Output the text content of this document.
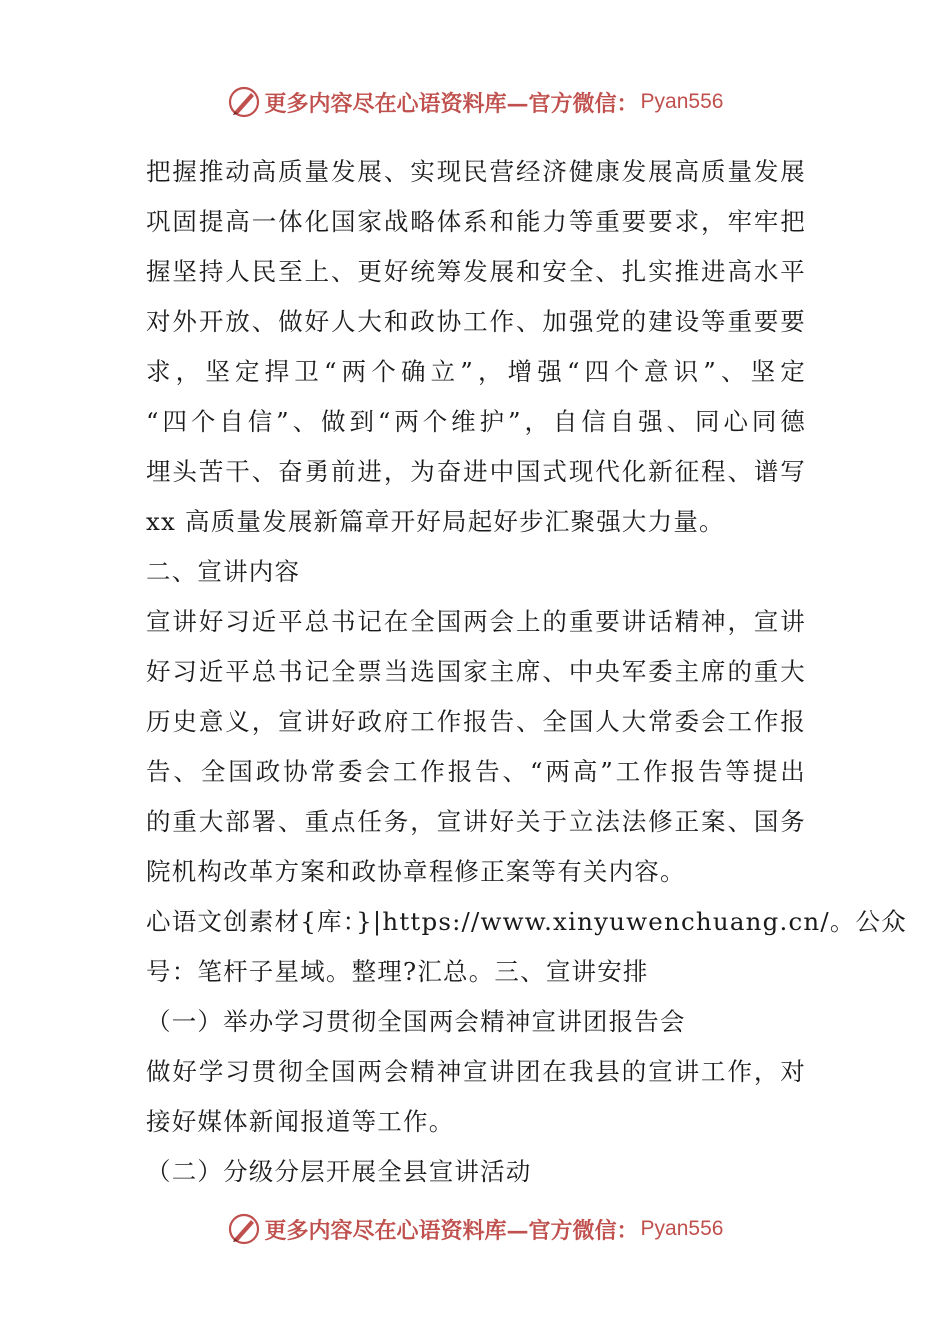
更多内容尽在心语资料库—官方微信： Pyan556
把握推动高质量发展、实现民营经济健康发展高质量发展
巩固提高一体化国家战略体系和能力等重要要求，牢牢把
握坚持人民至上、更好统筹发展和安全、扎实推进高水平
对外开放、做好人大和政协工作、加强党的建设等重要要
求，坚定捍卫“两个确立”，增强“四个意识”、坚定
“四个自信”、做到“两个维护”，自信自强、同心同德
埋头苦干、奋勇前进，为奋进中国式现代化新征程、谱写
xx 高质量发展新篇章开好局起好步汇聚强大力量。
二、宣讲内容
宣讲好习近平总书记在全国两会上的重要讲话精神，宣讲
好习近平总书记全票当选国家主席、中央军委主席的重大
历史意义，宣讲好政府工作报告、全国人大常委会工作报
告、全国政协常委会工作报告、“两高”工作报告等提出
的重大部署、重点任务，宣讲好关于立法法修正案、国务
院机构改革方案和政协章程修正案等有关内容。
心语文创素材{库：}|https://www.xinyuwenchuang.cn/。公众
号：笔杆子星域。整理?汇总。三、宣讲安排
（一）举办学习贯彻全国两会精神宣讲团报告会
做好学习贯彻全国两会精神宣讲团在我县的宣讲工作，对
接好媒体新闻报道等工作。
（二）分级分层开展全县宣讲活动
更多内容尽在心语资料库—官方微信： Pyan556
